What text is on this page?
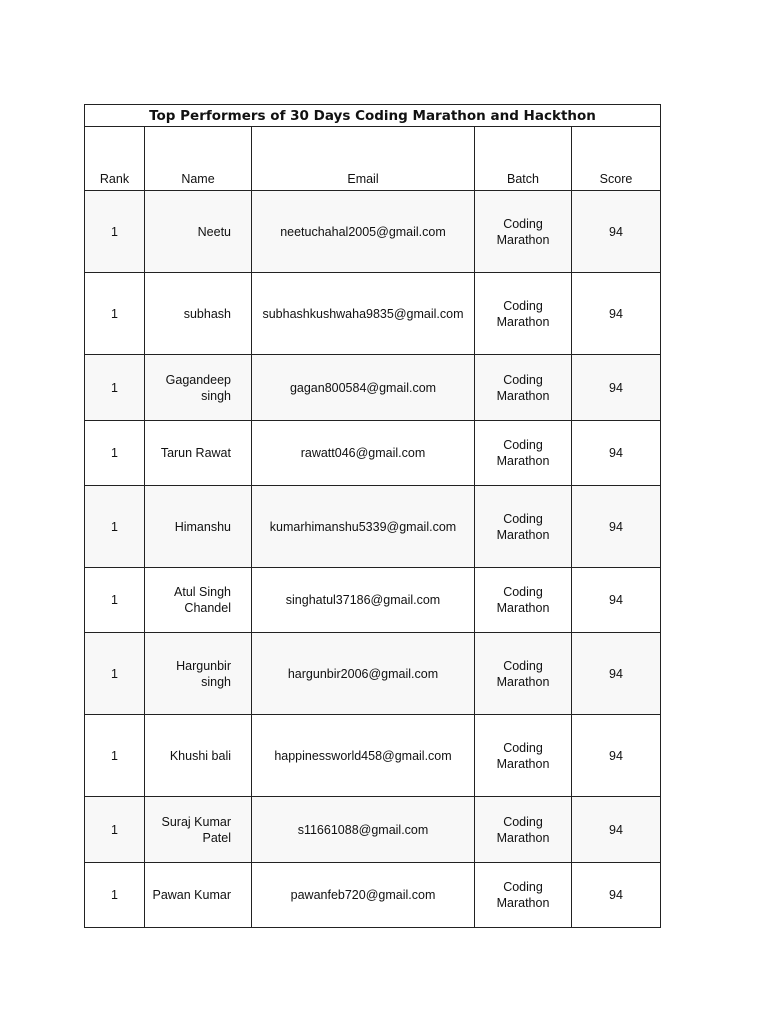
Top Performers of 30 Days Coding Marathon and Hackthon				
Rank	Name	Email	Batch	Score
1	Neetu	neetuchahal2005@gmail.com	Coding Marathon	94
1	subhash	subhashkushwaha9835@gmail.com	Coding Marathon	94
1	Gagandeep singh	gagan800584@gmail.com	Coding Marathon	94
1	Tarun Rawat	rawatt046@gmail.com	Coding Marathon	94
1	Himanshu	kumarhimanshu5339@gmail.com	Coding Marathon	94
1	Atul Singh Chandel	singhatul37186@gmail.com	Coding Marathon	94
1	Hargunbir singh	hargunbir2006@gmail.com	Coding Marathon	94
1	Khushi bali	happinessworld458@gmail.com	Coding Marathon	94
1	Suraj Kumar Patel	s11661088@gmail.com	Coding Marathon	94
1	Pawan Kumar	pawanfeb720@gmail.com	Coding Marathon	94
